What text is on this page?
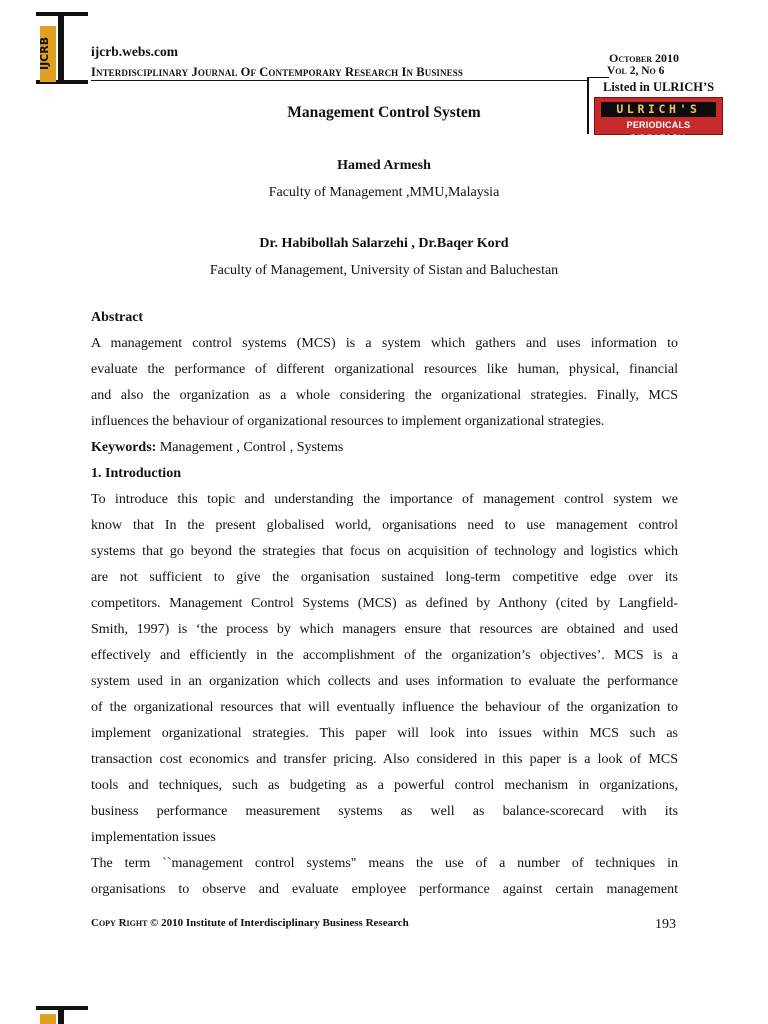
IJCRB	ijcrb.webs.com
Interdisciplinary Journal Of Contemporary Research In Business
October 2010
Vol 2, No 6
Listed in ULRICH’S
ULRICH'S
PERIODICALS DIRECTORY.
Management Control System
Hamed Armesh
Faculty of Management ,MMU,Malaysia
Dr. Habibollah Salarzehi , Dr.Baqer Kord
Faculty of Management, University of Sistan and Baluchestan
Abstract
A management control systems (MCS) is a system which gathers and uses information to
evaluate the performance of different organizational resources like human, physical, financial
and also the organization as a whole considering the organizational strategies. Finally, MCS
influences the behaviour of organizational resources to implement organizational strategies.
Keywords: Management , Control , Systems
1. Introduction
To introduce this topic and understanding the importance of management control system we
know that In the present globalised world, organisations need to use management control
systems that go beyond the strategies that focus on acquisition of technology and logistics which
are not sufficient to give the organisation sustained long-term competitive edge over its
competitors. Management Control Systems (MCS) as defined by Anthony (cited by Langfield-
Smith, 1997) is ‘the process by which managers ensure that resources are obtained and used
effectively and efficiently in the accomplishment of the organization’s objectives’. MCS is a
system used in an organization which collects and uses information to evaluate the performance
of the organizational resources that will eventually influence the behaviour of the organization to
implement organizational strategies. This paper will look into issues within MCS such as
transaction cost economics and transfer pricing. Also considered in this paper is a look of MCS
tools and techniques, such as budgeting as a powerful control mechanism in organizations,
business performance measurement systems as well as balance-scorecard with its
implementation issues
The term ``management control systems" means the use of a number of techniques in
organisations to observe and evaluate employee performance against certain management
Copy Right © 2010 Institute of Interdisciplinary Business Research	193
